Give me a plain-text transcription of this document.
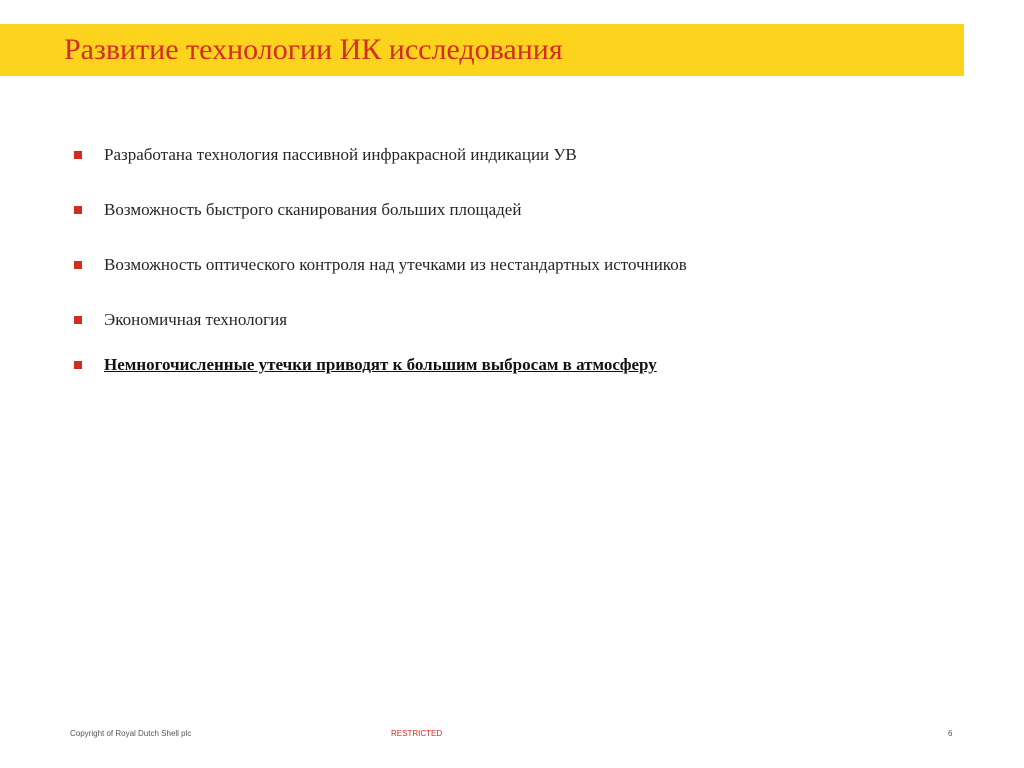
Развитие технологии ИК исследования
Разработана технология пассивной инфракрасной индикации УВ
Возможность быстрого сканирования больших площадей
Возможность оптического контроля над утечками из нестандартных источников
Экономичная технология
Немногочисленные утечки приводят к большим выбросам в атмосферу
Copyright of Royal Dutch Shell plc	RESTRICTED	6
